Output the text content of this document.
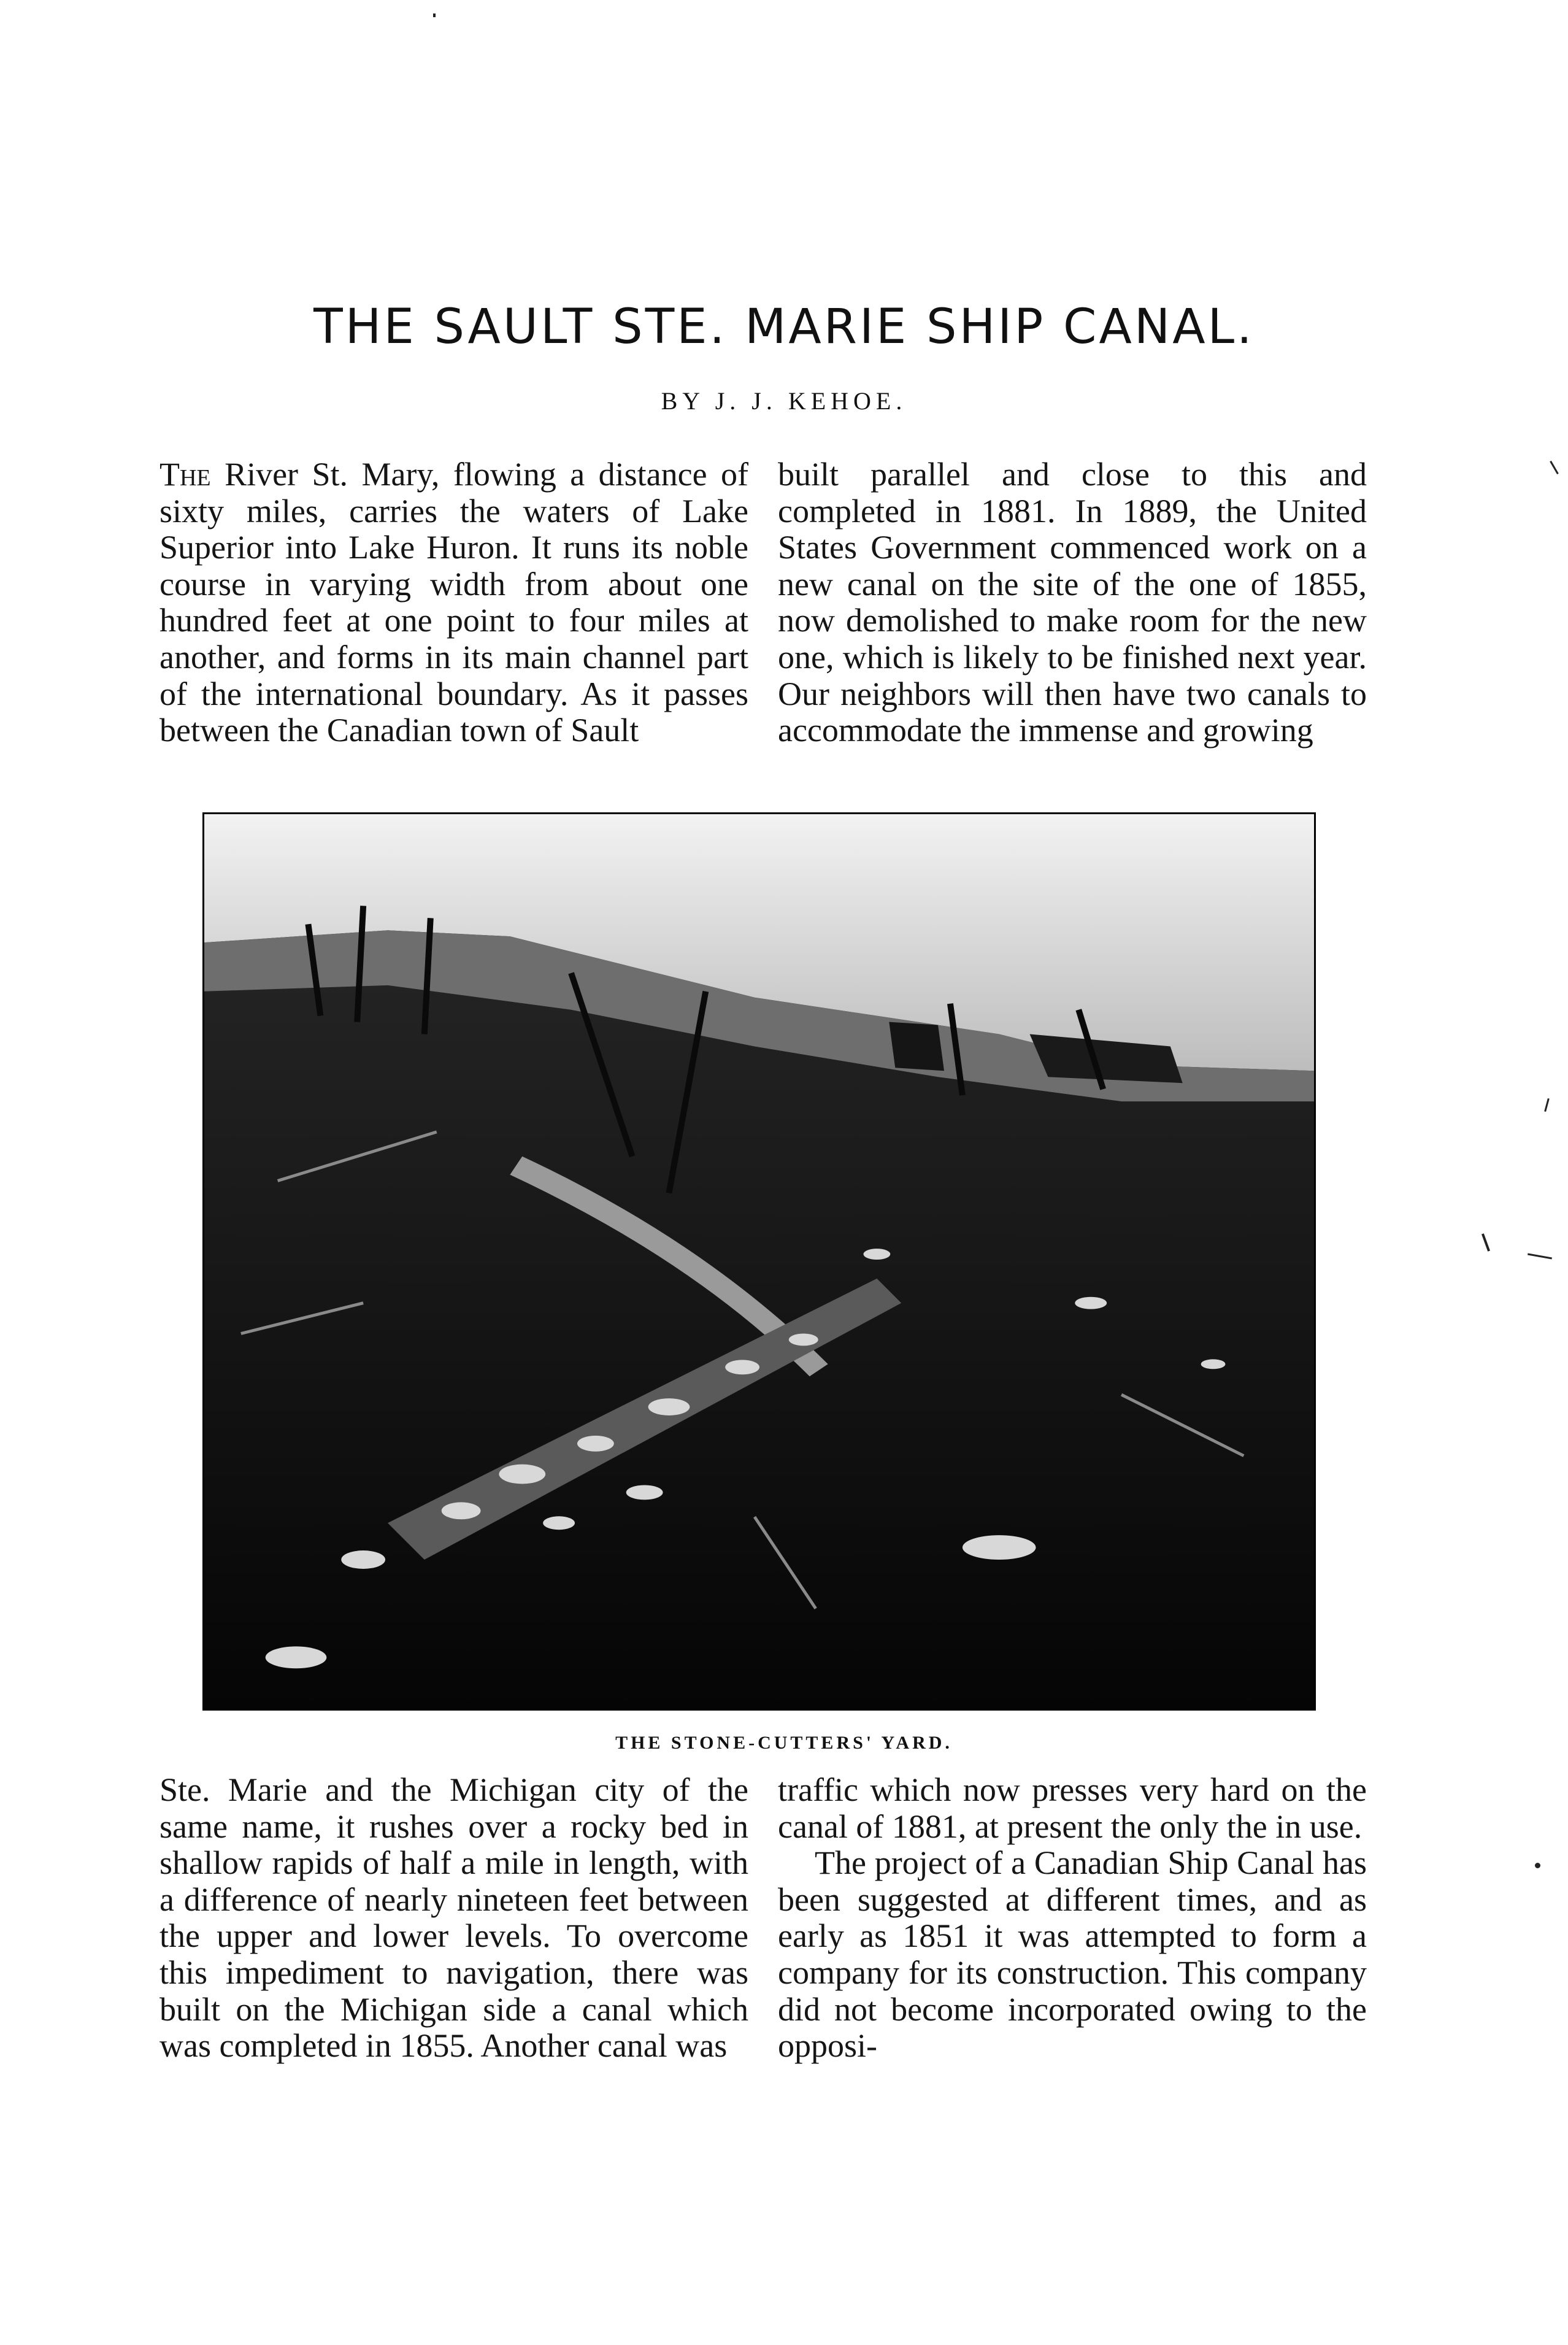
THE SAULT STE. MARIE SHIP CANAL.
BY J. J. KEHOE.

The River St. Mary, flowing a distance of sixty miles, carries the waters of Lake Superior into Lake Huron. It runs its noble course in varying width from about one hundred feet at one point to four miles at another, and forms in its main channel part of the international boundary. As it passes between the Canadian town of Sault

built parallel and close to this and completed in 1881. In 1889, the United States Government commenced work on a new canal on the site of the one of 1855, now demolished to make room for the new one, which is likely to be finished next year. Our neighbors will then have two canals to accommodate the immense and growing

THE STONE-CUTTERS' YARD.

Ste. Marie and the Michigan city of the same name, it rushes over a rocky bed in shallow rapids of half a mile in length, with a difference of nearly nineteen feet between the upper and lower levels. To overcome this impediment to navigation, there was built on the Michigan side a canal which was completed in 1855. Another canal was

traffic which now presses very hard on the canal of 1881, at present the only the in use.

The project of a Canadian Ship Canal has been suggested at different times, and as early as 1851 it was attempted to form a company for its construction. This company did not become incorporated owing to the opposi-
